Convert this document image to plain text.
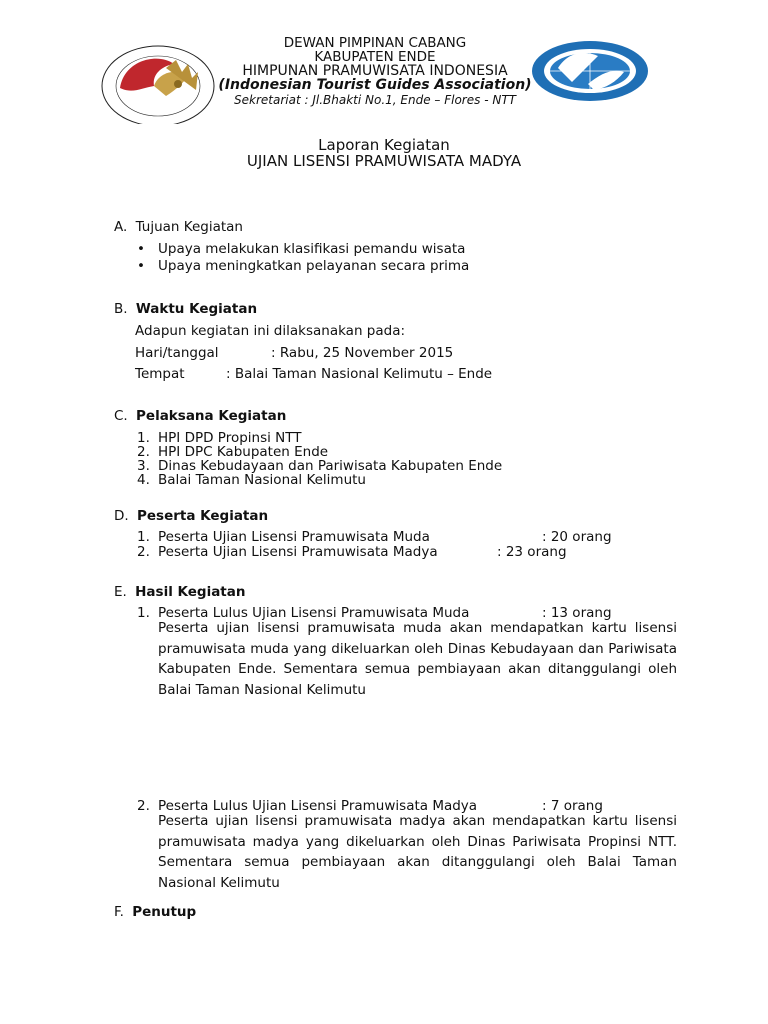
DEWAN PIMPINAN CABANG
KABUPATEN ENDE
HIMPUNAN PRAMUWISATA INDONESIA
(Indonesian Tourist Guides Association)
Sekretariat : Jl.Bhakti No.1, Ende – Flores - NTT
Laporan Kegiatan
UJIAN LISENSI PRAMUWISATA MADYA
A. Tujuan Kegiatan
• Upaya melakukan klasifikasi pemandu wisata
• Upaya meningkatkan pelayanan secara prima
B. Waktu Kegiatan
Adapun kegiatan ini dilaksanakan pada:
Hari/tanggal	: Rabu, 25 November 2015
Tempat	: Balai Taman Nasional Kelimutu – Ende
C. Pelaksana Kegiatan
1. HPI DPD Propinsi NTT
2. HPI DPC Kabupaten Ende
3. Dinas Kebudayaan dan Pariwisata Kabupaten Ende
4. Balai Taman Nasional Kelimutu
D. Peserta Kegiatan
1. Peserta Ujian Lisensi Pramuwisata Muda	: 20 orang
2. Peserta Ujian Lisensi Pramuwisata Madya	: 23 orang
E. Hasil Kegiatan
1. Peserta Lulus Ujian Lisensi Pramuwisata Muda	: 13 orang
Peserta ujian lisensi pramuwisata muda akan mendapatkan kartu lisensi pramuwisata muda yang dikeluarkan oleh Dinas Kebudayaan dan Pariwisata Kabupaten Ende. Sementara semua pembiayaan akan ditanggulangi oleh Balai Taman Nasional Kelimutu
2. Peserta Lulus Ujian Lisensi Pramuwisata Madya	: 7 orang
Peserta ujian lisensi pramuwisata madya akan mendapatkan kartu lisensi pramuwisata madya yang dikeluarkan oleh Dinas Pariwisata Propinsi NTT. Sementara semua pembiayaan akan ditanggulangi oleh Balai Taman Nasional Kelimutu
F. Penutup
